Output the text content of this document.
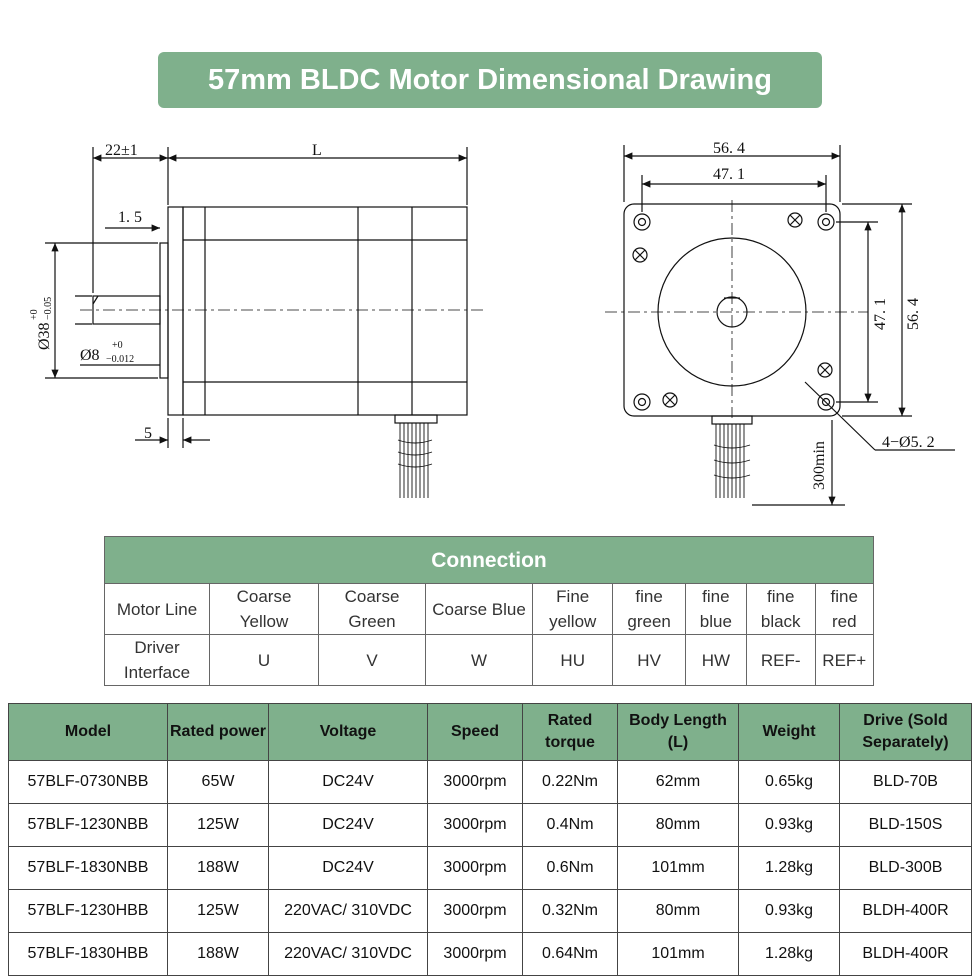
57mm BLDC Motor Dimensional Drawing
22±1	L
1. 5
Ø38
+0 −0.05
Ø8
+0
−0.012
5
56. 4
47. 1
47. 1 56. 4
4−Ø5. 2
300min
Connection								
Motor Line	Coarse Yellow	Coarse Green	Coarse Blue	Fine yellow	fine green	fine blue	fine black	fine red
Driver Interface	U	V	W	HU	HV	HW	REF-	REF+
Model	Rated power	Voltage	Speed	Rated torque	Body Length (L)	Weight	Drive (Sold Separately)
57BLF-0730NBB	65W	DC24V	3000rpm	0.22Nm	62mm	0.65kg	BLD-70B
57BLF-1230NBB	125W	DC24V	3000rpm	0.4Nm	80mm	0.93kg	BLD-150S
57BLF-1830NBB	188W	DC24V	3000rpm	0.6Nm	101mm	1.28kg	BLD-300B
57BLF-1230HBB	125W	220VAC/ 310VDC	3000rpm	0.32Nm	80mm	0.93kg	BLDH-400R
57BLF-1830HBB	188W	220VAC/ 310VDC	3000rpm	0.64Nm	101mm	1.28kg	BLDH-400R
